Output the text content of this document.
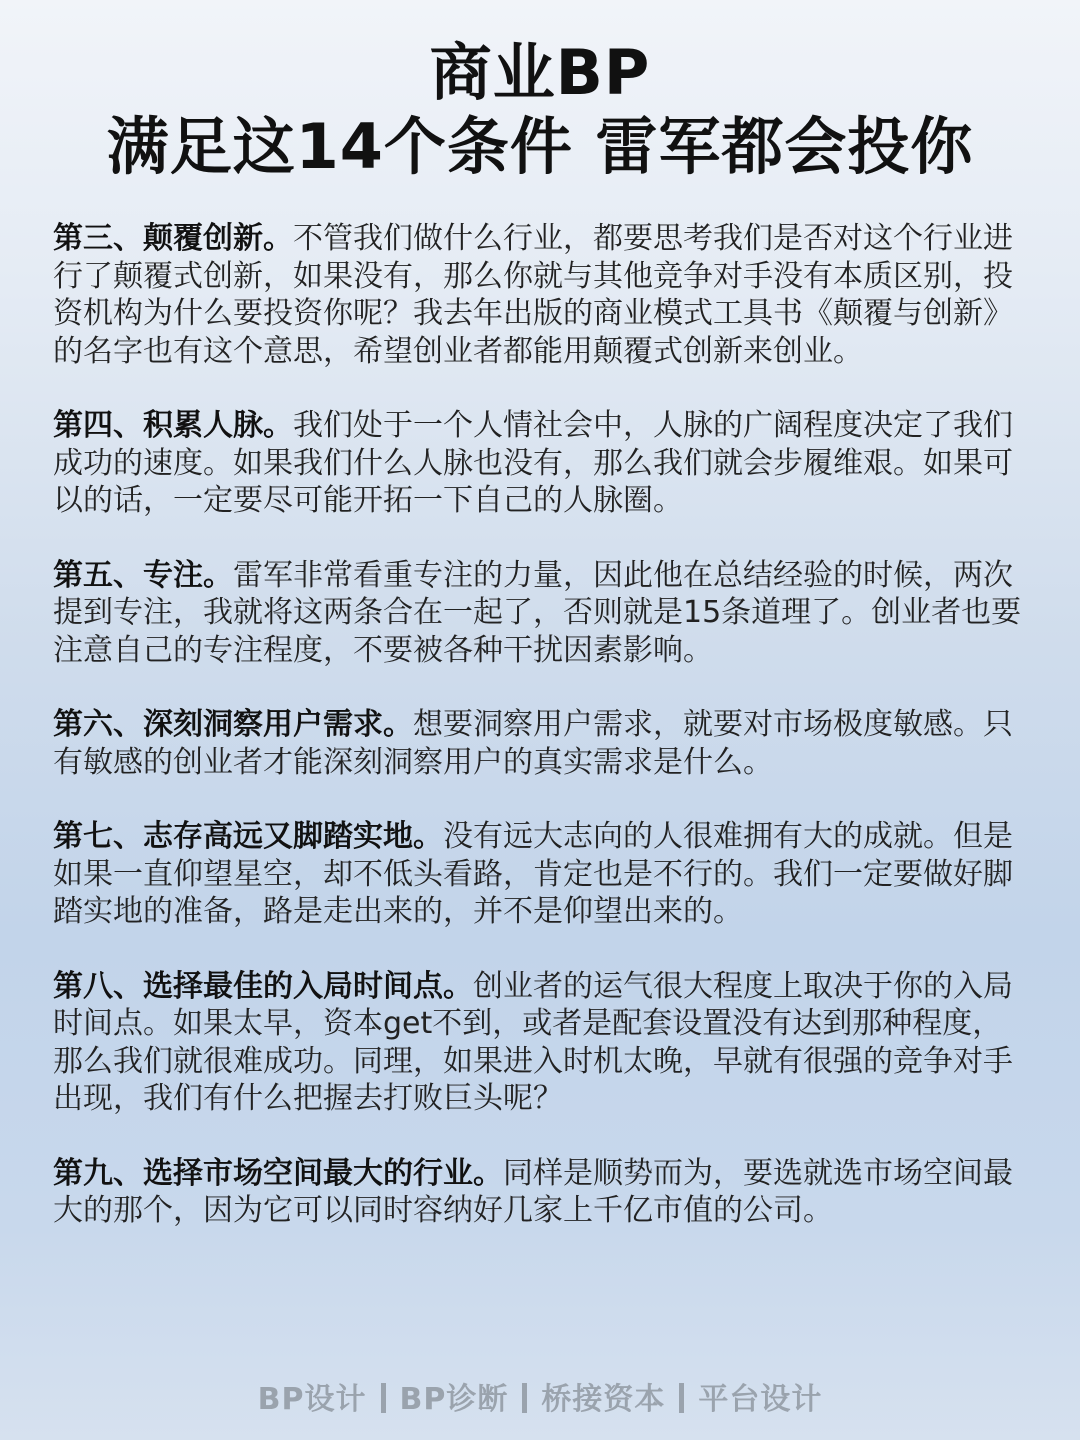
商业BP
满足这14个条件 雷军都会投你

第三、颠覆创新。不管我们做什么行业，都要思考我们是否对这个行业进行了颠覆式创新，如果没有，那么你就与其他竞争对手没有本质区别，投资机构为什么要投资你呢？我去年出版的商业模式工具书《颠覆与创新》的名字也有这个意思，希望创业者都能用颠覆式创新来创业。

第四、积累人脉。我们处于一个人情社会中，人脉的广阔程度决定了我们成功的速度。如果我们什么人脉也没有，那么我们就会步履维艰。如果可以的话，一定要尽可能开拓一下自己的人脉圈。

第五、专注。雷军非常看重专注的力量，因此他在总结经验的时候，两次提到专注，我就将这两条合在一起了，否则就是15条道理了。创业者也要注意自己的专注程度，不要被各种干扰因素影响。

第六、深刻洞察用户需求。想要洞察用户需求，就要对市场极度敏感。只有敏感的创业者才能深刻洞察用户的真实需求是什么。

第七、志存高远又脚踏实地。没有远大志向的人很难拥有大的成就。但是如果一直仰望星空，却不低头看路，肯定也是不行的。我们一定要做好脚踏实地的准备，路是走出来的，并不是仰望出来的。

第八、选择最佳的入局时间点。创业者的运气很大程度上取决于你的入局时间点。如果太早，资本get不到，或者是配套设置没有达到那种程度，那么我们就很难成功。同理，如果进入时机太晚，早就有很强的竞争对手出现，我们有什么把握去打败巨头呢？

第九、选择市场空间最大的行业。同样是顺势而为，要选就选市场空间最大的那个，因为它可以同时容纳好几家上千亿市值的公司。

BP设计 BP诊断 桥接资本 平台设计
